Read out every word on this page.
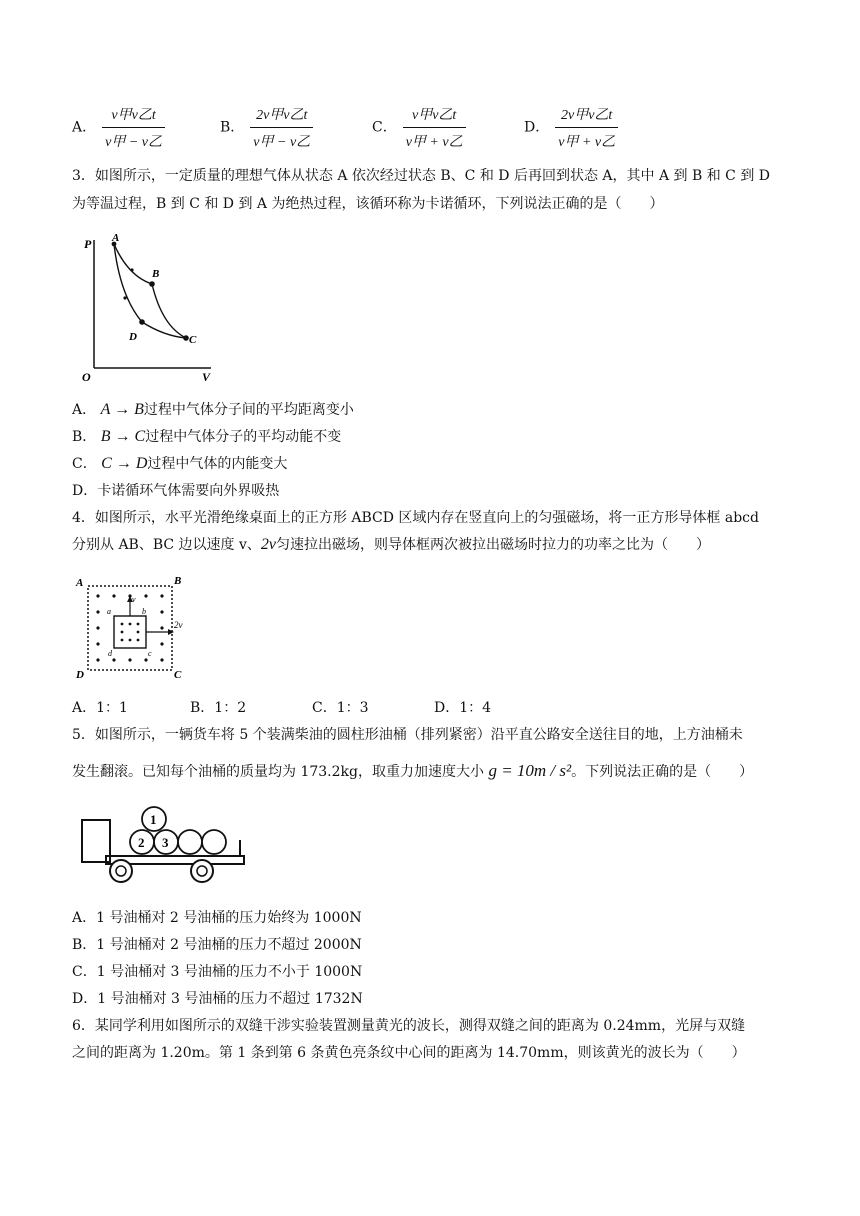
A． $\frac{\text{v甲v乙t}}{\text{v甲 − v乙}}$	B． $\frac{\text{2v甲v乙t}}{\text{v甲 − v乙}}$	C． $\frac{\text{v甲v乙t}}{\text{v甲 + v乙}}$	D． $\frac{\text{2v甲v乙t}}{\text{v甲 + v乙}}$
3．如图所示，一定质量的理想气体从状态 A 依次经过状态 B、C 和 D 后再回到状态 A，其中 A 到 B 和 C 到 D
为等温过程，B 到 C 和 D 到 A 为绝热过程，该循环称为卡诺循环，下列说法正确的是（　　）
P
V
O
A
B
C
D
A． A → B过程中气体分子间的平均距离变小
B． B → C过程中气体分子的平均动能不变
C． C → D过程中气体的内能变大
D．卡诺循环气体需要向外界吸热
4．如图所示，水平光滑绝缘桌面上的正方形 ABCD 区域内存在竖直向上的匀强磁场，将一正方形导体框 abcd
分别从 AB、BC 边以速度 v、2v匀速拉出磁场，则导体框两次被拉出磁场时拉力的功率之比为（　　）
A	B
C
D
a	b
c
d
v
2v
A．1：1	B．1：2	C．1：3	D．1：4
5．如图所示，一辆货车将 5 个装满柴油的圆柱形油桶（排列紧密）沿平直公路安全送往目的地，上方油桶未
发生翻滚。已知每个油桶的质量均为 173.2kg，取重力加速度大小 g = 10m / s²。下列说法正确的是（　　）
1
2 3
A．1 号油桶对 2 号油桶的压力始终为 1000N
B．1 号油桶对 2 号油桶的压力不超过 2000N
C．1 号油桶对 3 号油桶的压力不小于 1000N
D．1 号油桶对 3 号油桶的压力不超过 1732N
6．某同学利用如图所示的双缝干涉实验装置测量黄光的波长，测得双缝之间的距离为 0.24mm，光屏与双缝
之间的距离为 1.20m。第 1 条到第 6 条黄色亮条纹中心间的距离为 14.70mm，则该黄光的波长为（　　）
